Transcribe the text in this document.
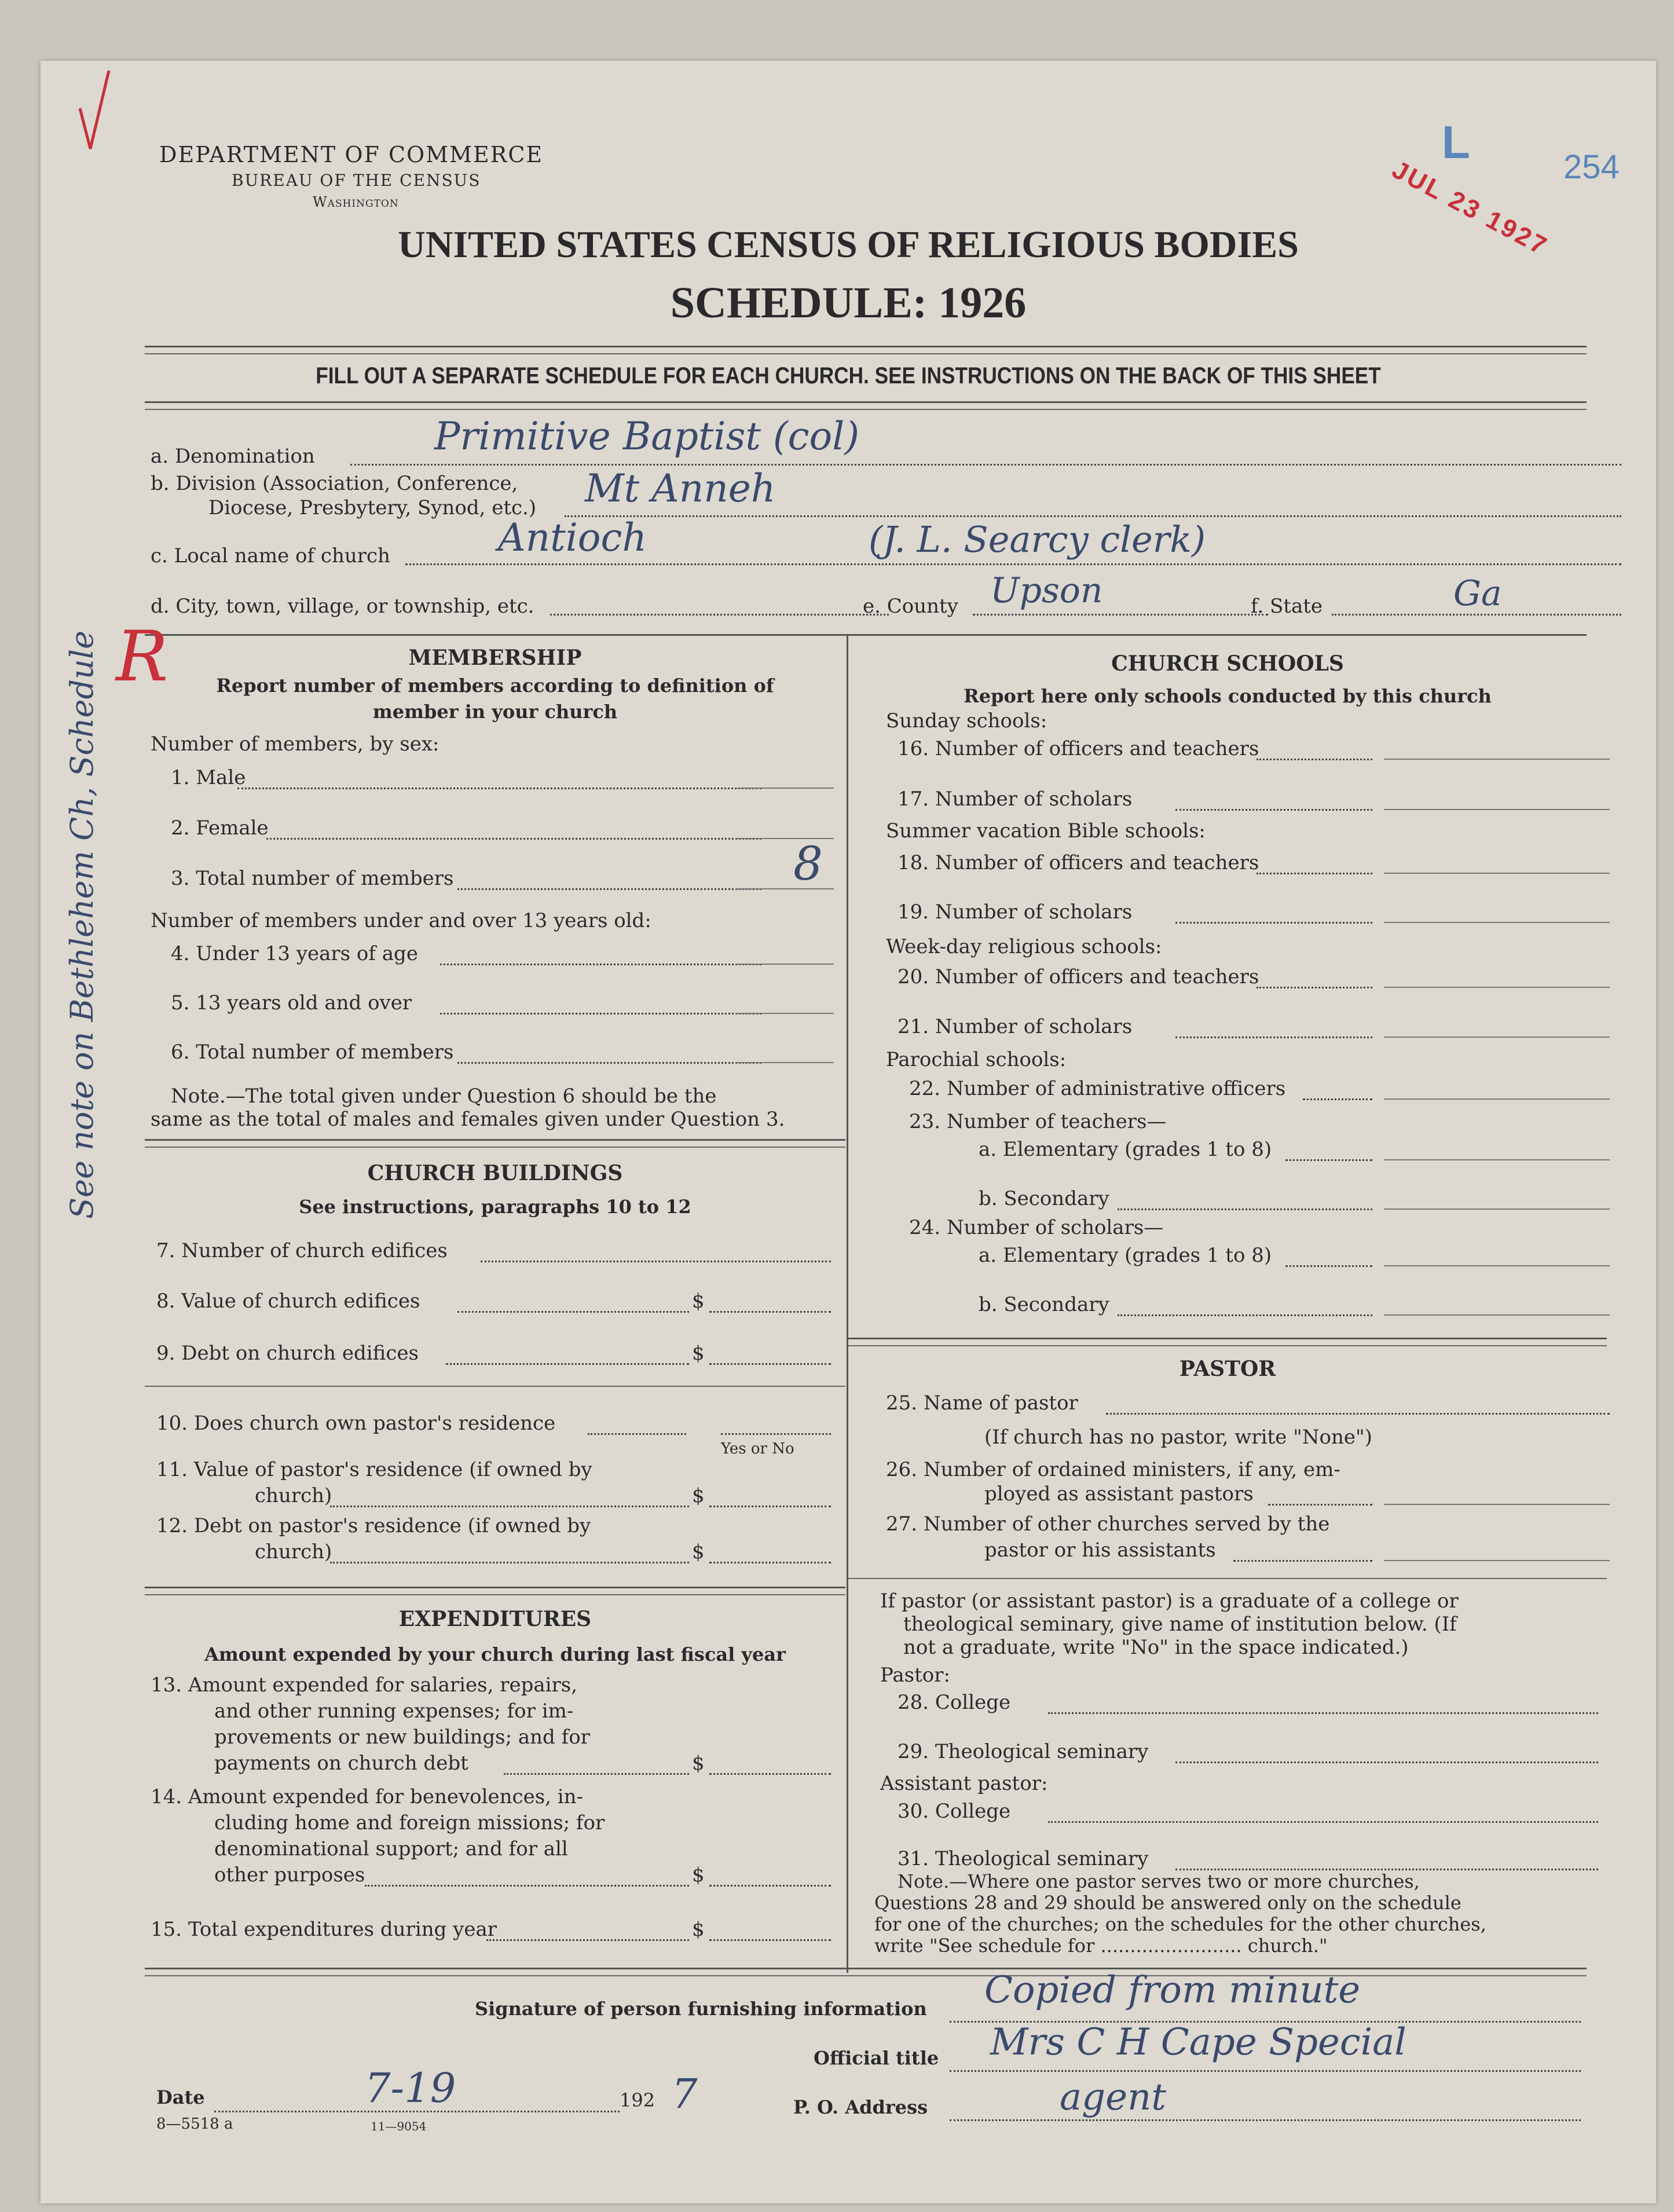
DEPARTMENT OF COMMERCE
BUREAU OF THE CENSUS
Washington
UNITED STATES CENSUS OF RELIGIOUS BODIES
SCHEDULE: 1926
JUL 23 1927 254
L
FILL OUT A SEPARATE SCHEDULE FOR EACH CHURCH. SEE INSTRUCTIONS ON THE BACK OF THIS SHEET
a. Denomination	Primitive Baptist (col)
b. Division (Association, Conference,
Diocese, Presbytery, Synod, etc.) Mt Anneh
c. Local name of church	Antioch	(J. L. Searcy clerk)
d. City, town, village, or township, etc.	e. County Upson	f. State	Ga
See note on Bethlehem Ch, Schedule R	MEMBERSHIP
Report number of members according to definition of
member in your church
Number of members, by sex:
1. Male
2. Female
3. Total number of members	8
Number of members under and over 13 years old:
4. Under 13 years of age
5. 13 years old and over
6. Total number of members
Note.—The total given under Question 6 should be the
same as the total of males and females given under Question 3.
CHURCH BUILDINGS
See instructions, paragraphs 10 to 12
7. Number of church edifices
8. Value of church edifices	$
9. Debt on church edifices	$
10. Does church own pastor's residence
Yes or No
11. Value of pastor's residence (if owned by
church)	$
12. Debt on pastor's residence (if owned by
church)	$
EXPENDITURES
Amount expended by your church during last fiscal year
13. Amount expended for salaries, repairs,
and other running expenses; for im-
provements or new buildings; and for
payments on church debt	$
14. Amount expended for benevolences, in-
cluding home and foreign missions; for
denominational support; and for all
other purposes	$
15. Total expenditures during year	$
CHURCH SCHOOLS
Report here only schools conducted by this church
Sunday schools:
16. Number of officers and teachers
17. Number of scholars
Summer vacation Bible schools:
18. Number of officers and teachers
19. Number of scholars
Week-day religious schools:
20. Number of officers and teachers
21. Number of scholars
Parochial schools:
22. Number of administrative officers
23. Number of teachers—
a. Elementary (grades 1 to 8)
b. Secondary
24. Number of scholars—
a. Elementary (grades 1 to 8)
b. Secondary
PASTOR
25. Name of pastor
(If church has no pastor, write "None")
26. Number of ordained ministers, if any, em-
ployed as assistant pastors
27. Number of other churches served by the
pastor or his assistants
If pastor (or assistant pastor) is a graduate of a college or
theological seminary, give name of institution below. (If
not a graduate, write "No" in the space indicated.)
Pastor:
28. College
29. Theological seminary
Assistant pastor:
30. College
31. Theological seminary
Note.—Where one pastor serves two or more churches,
Questions 28 and 29 should be answered only on the schedule
for one of the churches; on the schedules for the other churches,
write "See schedule for ........................ church."
Signature of person furnishing information Copied from minute
Official title Mrs C H Cape Special
Date	7-19	192 7	P. O. Address	agent
8—5518 a	11—9054
